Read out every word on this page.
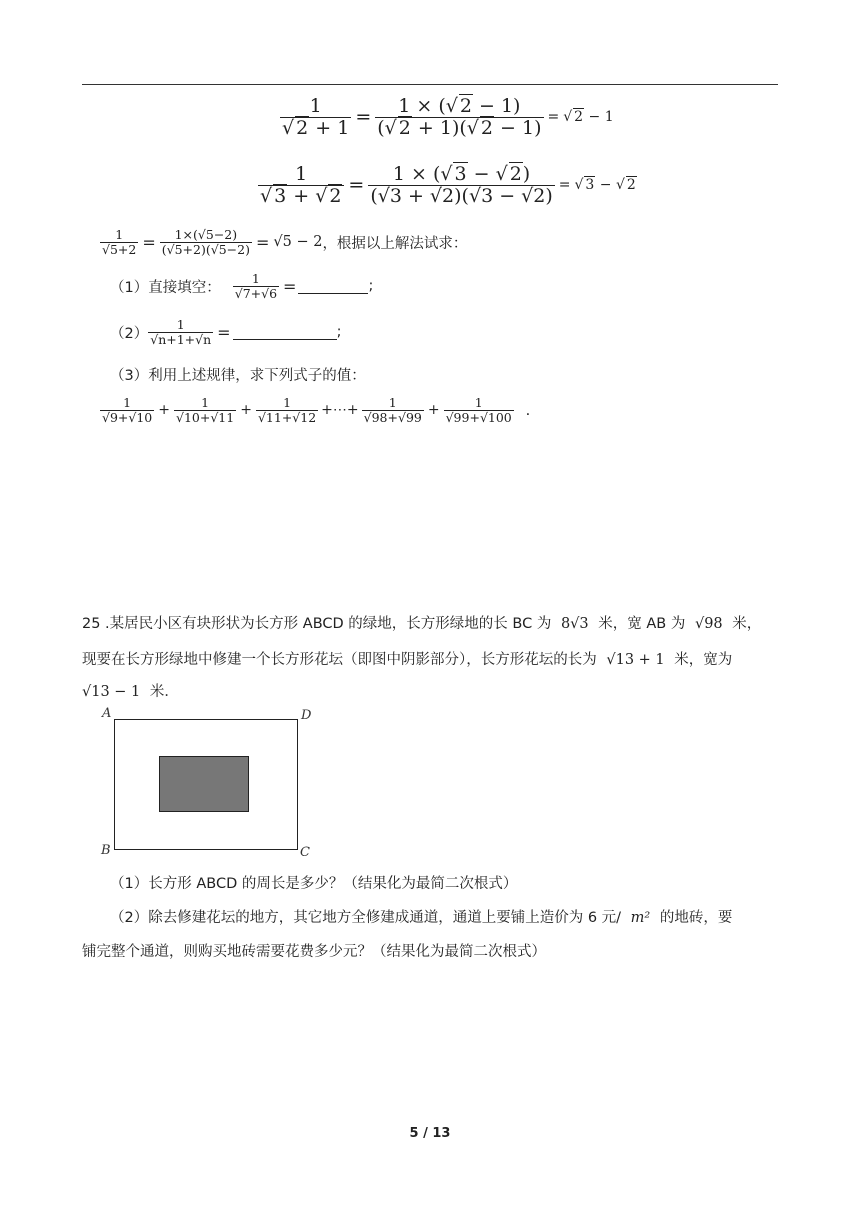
$\frac{1}{√ 2 + 1} = \frac{1 \times (√ 2 - 1)}{(√ 2 + 1)(√ 2 - 1)}$ = √ 2 − 1
$\frac{1}{√ 3 + √ 2} = \frac{1 \times (√ 3 - √ 2)}{(√3 + √2)(√3 - √2)}$ = √ 3 − √ 2
$\frac{1}{√5+2} = \frac{1\times(√5-2)}{(√5+2)(√5-2)} = √5 - 2$ ，根据以上解法试求：
（1）直接填空： $\frac{1}{√7+√6}$ =	;
$(2) \frac{1}{√n+1+√n}$ =	;
（3）利用上述规律，求下列式子的值：
$\frac{1}{√9+√10} + \frac{1}{√10+√11} + \frac{1}{√11+√12}$ +⋯+ $\frac{1}{√98+√99} + \frac{1}{√99+√100}$ ．
25 .某居民小区有块形状为长方形 ABCD 的绿地，长方形绿地的长 BC 为 8√3 米，宽 AB 为 √98 米，
现要在长方形绿地中修建一个长方形花坛（即图中阴影部分），长方形花坛的长为 √13 + 1 米，宽为
√13 − 1 米．
A	D
B	C
（1）长方形 ABCD 的周长是多少？（结果化为最简二次根式）
（2）除去修建花坛的地方，其它地方全修建成通道，通道上要铺上造价为 6 元/ m² 的地砖，要
铺完整个通道，则购买地砖需要花费多少元？（结果化为最简二次根式）
5 / 13
